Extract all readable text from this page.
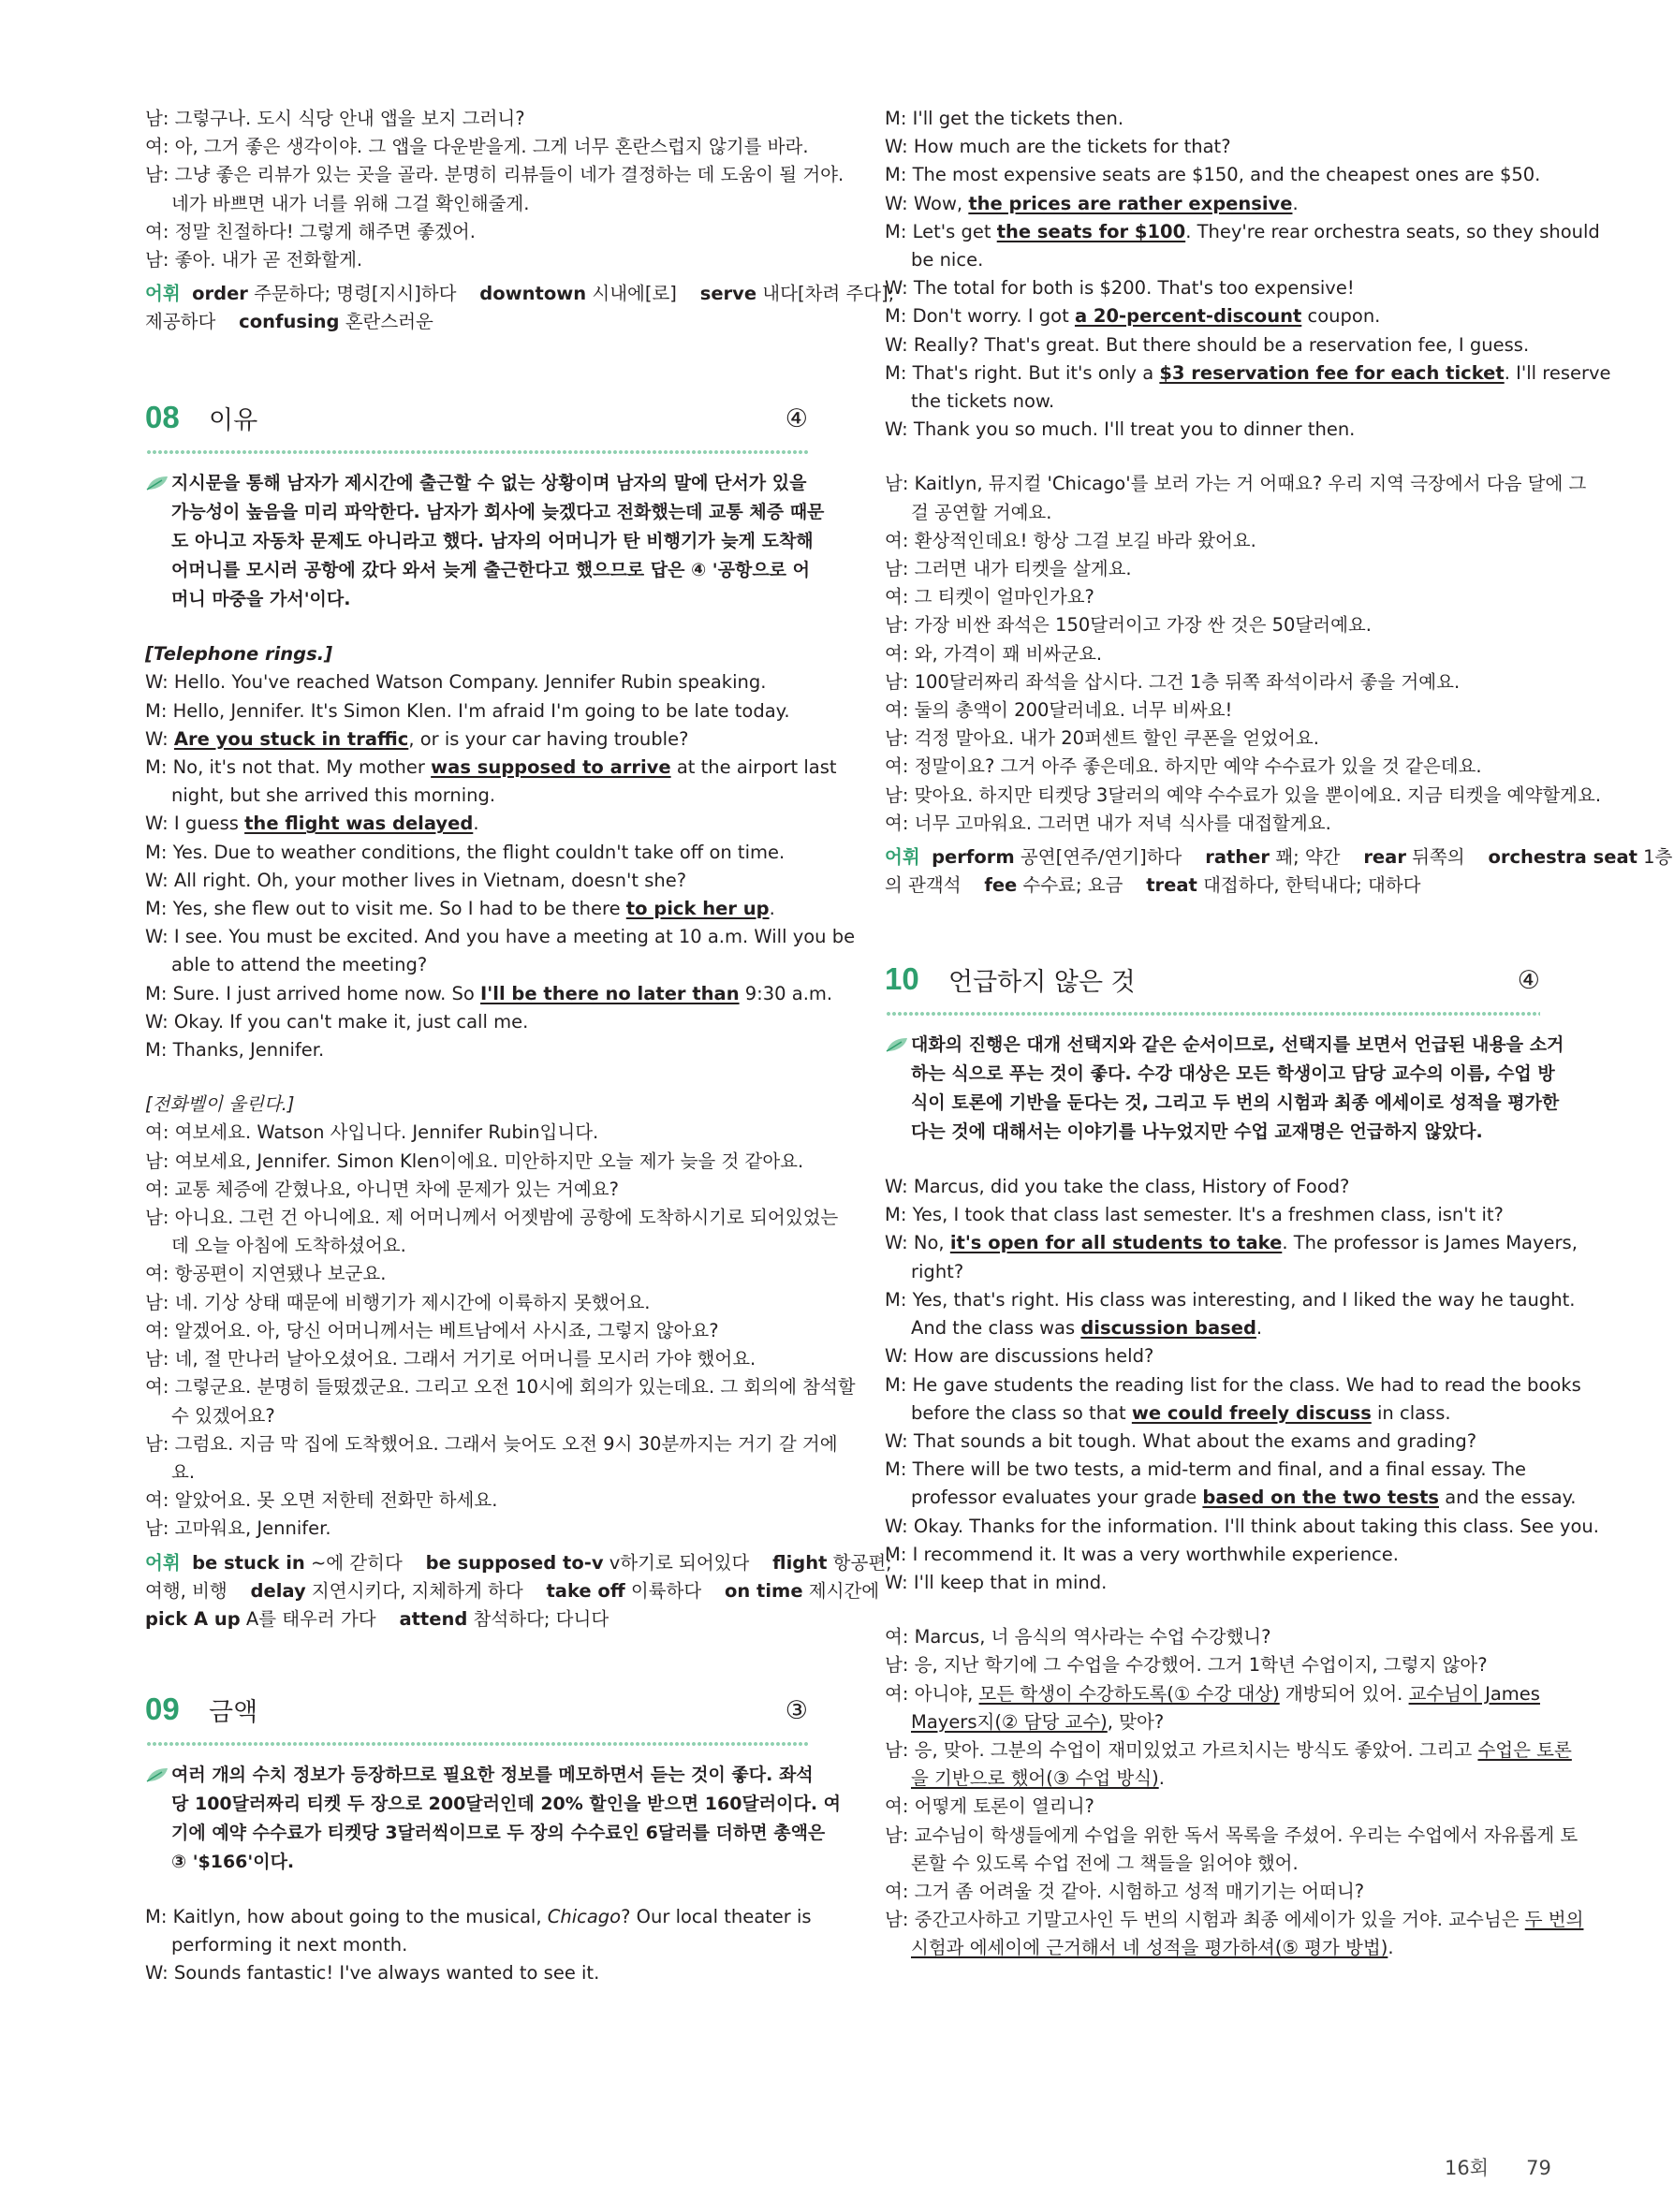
남: 그렇구나. 도시 식당 안내 앱을 보지 그러니?
여: 아, 그거 좋은 생각이야. 그 앱을 다운받을게. 그게 너무 혼란스럽지 않기를 바라.
남: 그냥 좋은 리뷰가 있는 곳을 골라. 분명히 리뷰들이 네가 결정하는 데 도움이 될 거야.
네가 바쁘면 내가 너를 위해 그걸 확인해줄게.
여: 정말 친절하다! 그렇게 해주면 좋겠어.
남: 좋아. 내가 곧 전화할게.
어휘 order 주문하다; 명령[지시]하다    downtown 시내에[로]    serve 내다[차려 주다];
제공하다    confusing 혼란스러운
08 이유	④
지시문을 통해 남자가 제시간에 출근할 수 없는 상황이며 남자의 말에 단서가 있을
가능성이 높음을 미리 파악한다. 남자가 회사에 늦겠다고 전화했는데 교통 체증 때문
도 아니고 자동차 문제도 아니라고 했다. 남자의 어머니가 탄 비행기가 늦게 도착해
어머니를 모시러 공항에 갔다 와서 늦게 출근한다고 했으므로 답은 ④ '공항으로 어
머니 마중을 가서'이다.
[Telephone rings.]
W: Hello. You've reached Watson Company. Jennifer Rubin speaking.
M: Hello, Jennifer. It's Simon Klen. I'm afraid I'm going to be late today.
W: Are you stuck in traffic, or is your car having trouble?
M: No, it's not that. My mother was supposed to arrive at the airport last
night, but she arrived this morning.
W: I guess the flight was delayed.
M: Yes. Due to weather conditions, the flight couldn't take off on time.
W: All right. Oh, your mother lives in Vietnam, doesn't she?
M: Yes, she flew out to visit me. So I had to be there to pick her up.
W: I see. You must be excited. And you have a meeting at 10 a.m. Will you be
able to attend the meeting?
M: Sure. I just arrived home now. So I'll be there no later than 9:30 a.m.
W: Okay. If you can't make it, just call me.
M: Thanks, Jennifer.
[전화벨이 울린다.]
여: 여보세요. Watson 사입니다. Jennifer Rubin입니다.
남: 여보세요, Jennifer. Simon Klen이에요. 미안하지만 오늘 제가 늦을 것 같아요.
여: 교통 체증에 갇혔나요, 아니면 차에 문제가 있는 거예요?
남: 아니요. 그런 건 아니에요. 제 어머니께서 어젯밤에 공항에 도착하시기로 되어있었는
데 오늘 아침에 도착하셨어요.
여: 항공편이 지연됐나 보군요.
남: 네. 기상 상태 때문에 비행기가 제시간에 이륙하지 못했어요.
여: 알겠어요. 아, 당신 어머니께서는 베트남에서 사시죠, 그렇지 않아요?
남: 네, 절 만나러 날아오셨어요. 그래서 거기로 어머니를 모시러 가야 했어요.
여: 그렇군요. 분명히 들떴겠군요. 그리고 오전 10시에 회의가 있는데요. 그 회의에 참석할
수 있겠어요?
남: 그럼요. 지금 막 집에 도착했어요. 그래서 늦어도 오전 9시 30분까지는 거기 갈 거에
요.
여: 알았어요. 못 오면 저한테 전화만 하세요.
남: 고마워요, Jennifer.
어휘 be stuck in ~에 갇히다    be supposed to-v v하기로 되어있다    flight 항공편;
여행, 비행    delay 지연시키다, 지체하게 하다    take off 이륙하다    on time 제시간에
pick A up A를 태우러 가다    attend 참석하다; 다니다
09 금액	③
여러 개의 수치 정보가 등장하므로 필요한 정보를 메모하면서 듣는 것이 좋다. 좌석
당 100달러짜리 티켓 두 장으로 200달러인데 20% 할인을 받으면 160달러이다. 여
기에 예약 수수료가 티켓당 3달러씩이므로 두 장의 수수료인 6달러를 더하면 총액은
③ '$166'이다.
M: Kaitlyn, how about going to the musical, Chicago? Our local theater is
performing it next month.
W: Sounds fantastic! I've always wanted to see it.
M: I'll get the tickets then.
W: How much are the tickets for that?
M: The most expensive seats are $150, and the cheapest ones are $50.
W: Wow, the prices are rather expensive.
M: Let's get the seats for $100. They're rear orchestra seats, so they should
be nice.
W: The total for both is $200. That's too expensive!
M: Don't worry. I got a 20-percent-discount coupon.
W: Really? That's great. But there should be a reservation fee, I guess.
M: That's right. But it's only a $3 reservation fee for each ticket. I'll reserve
the tickets now.
W: Thank you so much. I'll treat you to dinner then.
남: Kaitlyn, 뮤지컬 'Chicago'를 보러 가는 거 어때요? 우리 지역 극장에서 다음 달에 그
걸 공연할 거예요.
여: 환상적인데요! 항상 그걸 보길 바라 왔어요.
남: 그러면 내가 티켓을 살게요.
여: 그 티켓이 얼마인가요?
남: 가장 비싼 좌석은 150달러이고 가장 싼 것은 50달러예요.
여: 와, 가격이 꽤 비싸군요.
남: 100달러짜리 좌석을 삽시다. 그건 1층 뒤쪽 좌석이라서 좋을 거예요.
여: 둘의 총액이 200달러네요. 너무 비싸요!
남: 걱정 말아요. 내가 20퍼센트 할인 쿠폰을 얻었어요.
여: 정말이요? 그거 아주 좋은데요. 하지만 예약 수수료가 있을 것 같은데요.
남: 맞아요. 하지만 티켓당 3달러의 예약 수수료가 있을 뿐이에요. 지금 티켓을 예약할게요.
여: 너무 고마워요. 그러면 내가 저녁 식사를 대접할게요.
어휘 perform 공연[연주/연기]하다    rather 꽤; 약간    rear 뒤쪽의    orchestra seat 1층
의 관객석    fee 수수료; 요금    treat 대접하다, 한턱내다; 대하다
10 언급하지 않은 것	④
대화의 진행은 대개 선택지와 같은 순서이므로, 선택지를 보면서 언급된 내용을 소거
하는 식으로 푸는 것이 좋다. 수강 대상은 모든 학생이고 담당 교수의 이름, 수업 방
식이 토론에 기반을 둔다는 것, 그리고 두 번의 시험과 최종 에세이로 성적을 평가한
다는 것에 대해서는 이야기를 나누었지만 수업 교재명은 언급하지 않았다.
W: Marcus, did you take the class, History of Food?
M: Yes, I took that class last semester. It's a freshmen class, isn't it?
W: No, it's open for all students to take. The professor is James Mayers,
right?
M: Yes, that's right. His class was interesting, and I liked the way he taught.
And the class was discussion based.
W: How are discussions held?
M: He gave students the reading list for the class. We had to read the books
before the class so that we could freely discuss in class.
W: That sounds a bit tough. What about the exams and grading?
M: There will be two tests, a mid-term and final, and a final essay. The
professor evaluates your grade based on the two tests and the essay.
W: Okay. Thanks for the information. I'll think about taking this class. See you.
M: I recommend it. It was a very worthwhile experience.
W: I'll keep that in mind.
여: Marcus, 너 음식의 역사라는 수업 수강했니?
남: 응, 지난 학기에 그 수업을 수강했어. 그거 1학년 수업이지, 그렇지 않아?
여: 아니야, 모든 학생이 수강하도록(① 수강 대상) 개방되어 있어. 교수님이 James
Mayers지(② 담당 교수), 맞아?
남: 응, 맞아. 그분의 수업이 재미있었고 가르치시는 방식도 좋았어. 그리고 수업은 토론
을 기반으로 했어(③ 수업 방식).
여: 어떻게 토론이 열리니?
남: 교수님이 학생들에게 수업을 위한 독서 목록을 주셨어. 우리는 수업에서 자유롭게 토
론할 수 있도록 수업 전에 그 책들을 읽어야 했어.
여: 그거 좀 어려울 것 같아. 시험하고 성적 매기기는 어떠니?
남: 중간고사하고 기말고사인 두 번의 시험과 최종 에세이가 있을 거야. 교수님은 두 번의
시험과 에세이에 근거해서 네 성적을 평가하셔(⑤ 평가 방법).
16회 79
